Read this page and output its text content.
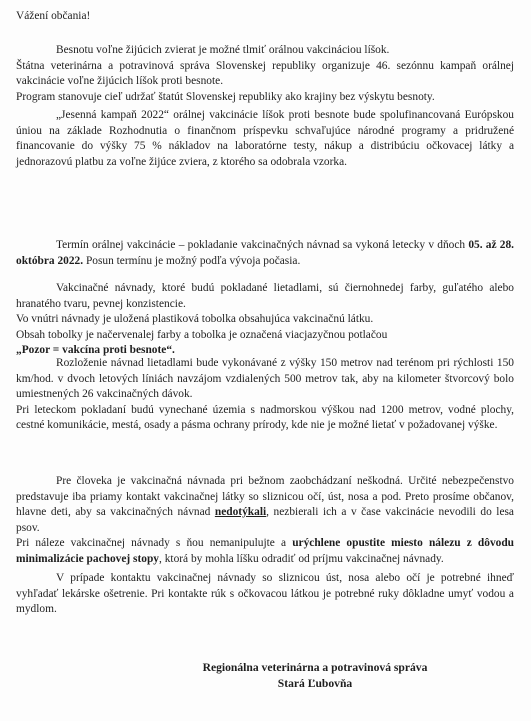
Vážení občania!

Besnotu voľne žijúcich zvierat je možné tlmiť orálnou vakcináciou líšok.
Štátna veterinárna a potravinová správa Slovenskej republiky organizuje 46. sezónnu kampaň orálnej vakcinácie voľne žijúcich líšok proti besnote.
Program stanovuje cieľ udržať štatút Slovenskej republiky ako krajiny bez výskytu besnoty.
„Jesenná kampaň 2022“ orálnej vakcinácie líšok proti besnote bude spolufinancovaná Európskou úniou na základe Rozhodnutia o finančnom príspevku schvaľujúce národné programy a pridružené financovanie do výšky 75 % nákladov na laboratórne testy, nákup a distribúciu očkovacej látky a jednorazovú platbu za voľne žijúce zviera, z ktorého sa odobrala vzorka.

Termín orálnej vakcinácie – pokladanie vakcinačných návnad sa vykoná letecky v dňoch 05. až 28. októbra 2022. Posun termínu je možný podľa vývoja počasia.

Vakcinačné návnady, ktoré budú pokladané lietadlami, sú čiernohnedej farby, guľatého alebo hranatého tvaru, pevnej konzistencie.
Vo vnútri návnady je uložená plastiková tobolka obsahujúca vakcinačnú látku.
Obsah tobolky je načervenalej farby a tobolka je označená viacjazyčnou potlačou
„Pozor = vakcína proti besnote“.
Rozloženie návnad lietadlami bude vykonávané z výšky 150 metrov nad terénom pri rýchlosti 150 km/hod. v dvoch letových líniách navzájom vzdialených 500 metrov tak, aby na kilometer štvorcový bolo umiestnených 26 vakcinačných dávok.
Pri leteckom pokladaní budú vynechané územia s nadmorskou výškou nad 1200 metrov, vodné plochy, cestné komunikácie, mestá, osady a pásma ochrany prírody, kde nie je možné lietať v požadovanej výške.
Pre človeka je vakcinačná návnada pri bežnom zaobchádzaní neškodná. Určité nebezpečenstvo predstavuje iba priamy kontakt vakcinačnej látky so sliznicou očí, úst, nosa a pod. Preto prosíme občanov, hlavne deti, aby sa vakcinačných návnad nedotýkali, nezbierali ich a v čase vakcinácie nevodili do lesa psov.
Pri náleze vakcinačnej návnady s ňou nemanipulujte a urýchlene opustite miesto nálezu z dôvodu minimalizácie pachovej stopy, ktorá by mohla líšku odradiť od príjmu vakcinačnej návnady.

V prípade kontaktu vakcinačnej návnady so sliznicou úst, nosa alebo očí je potrebné ihneď vyhľadať lekárske ošetrenie. Pri kontakte rúk s očkovacou látkou je potrebné ruky dôkladne umyť vodou a mydlom.

Regionálna veterinárna a potravinová správa

Stará Ľubovňa
